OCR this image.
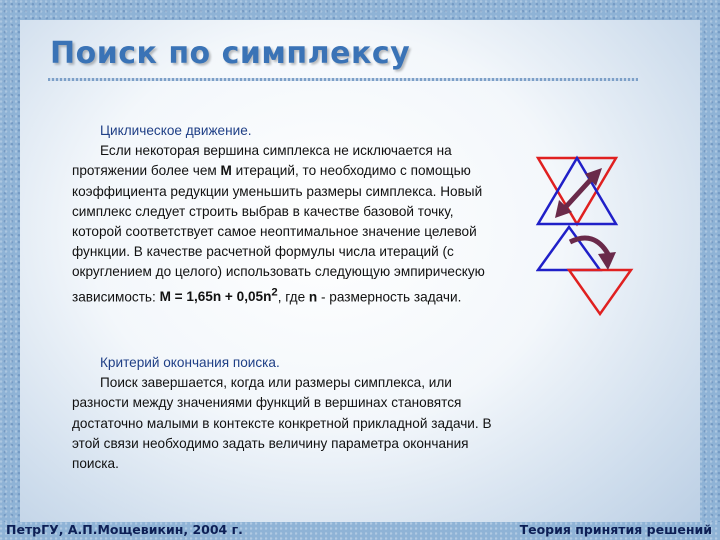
Поиск по симплексу

Циклическое движение.

Если некоторая вершина симплекса не исключается на протяжении более чем M итераций, то необходимо с помощью коэффициента редукции уменьшить размеры симплекса. Новый симплекс следует строить выбрав в качестве базовой точку, которой соответствует самое неоптимальное значение целевой функции. В качестве расчетной формулы числа итераций (с округлением до целого) использовать следующую эмпирическую зависимость: $M = 1,65n + 0,05n^2$, где n - размерность задачи.

Критерий окончания поиска.

Поиск завершается, когда или размеры симплекса, или разности между значениями функций в вершинах становятся достаточно малыми в контексте конкретной прикладной задачи. В этой связи необходимо задать величину параметра окончания поиска.

ПетрГУ, А.П.Мощевикин, 2004 г.	Теория принятия решений
